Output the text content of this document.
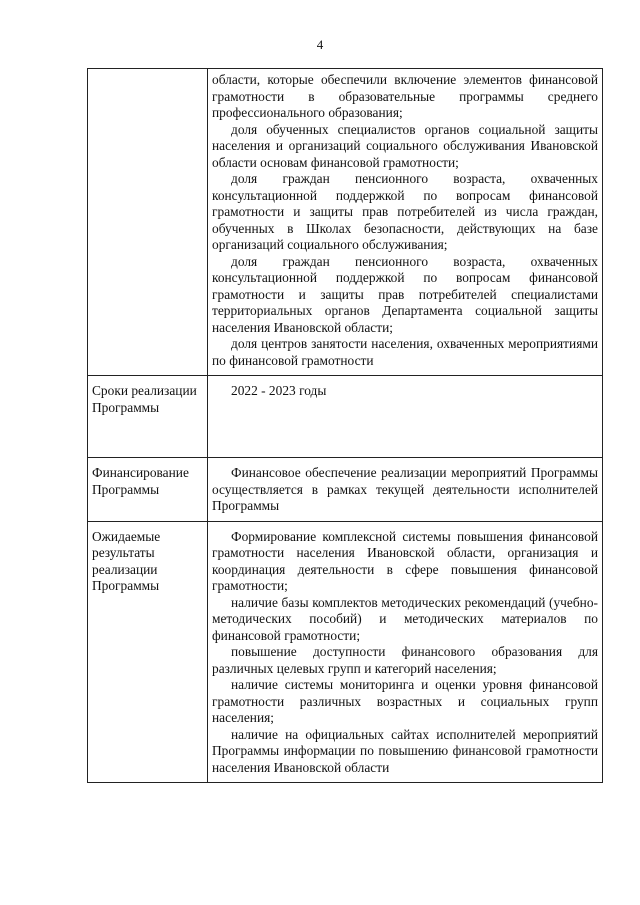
4

	области, которые обеспечили включение элементов финансовой грамотности в образовательные программы среднего профессионального образования;

доля обученных специалистов органов социальной защиты населения и организаций социального обслуживания Ивановской области основам финансовой грамотности;

доля граждан пенсионного возраста, охваченных консультационной поддержкой по вопросам финансовой грамотности и защиты прав потребителей из числа граждан, обученных в Школах безопасности, действующих на базе организаций социального обслуживания;

доля граждан пенсионного возраста, охваченных консультационной поддержкой по вопросам финансовой грамотности и защиты прав потребителей специалистами территориальных органов Департамента социальной защиты населения Ивановской области;

доля центров занятости населения, охваченных мероприятиями по финансовой грамотности

Сроки реализации Программы	2022 - 2023 годы

Финансирование Программы	Финансовое обеспечение реализации мероприятий Программы осуществляется в рамках текущей деятельности исполнителей Программы

Ожидаемые результаты реализации Программы	Формирование комплексной системы повышения финансовой грамотности населения Ивановской области, организация и координация деятельности в сфере повышения финансовой грамотности;

наличие базы комплектов методических рекомендаций (учебно-методических пособий) и методических материалов по финансовой грамотности;

повышение доступности финансового образования для различных целевых групп и категорий населения;

наличие системы мониторинга и оценки уровня финансовой грамотности различных возрастных и социальных групп населения;

наличие на официальных сайтах исполнителей мероприятий Программы информации по повышению финансовой грамотности населения Ивановской области
